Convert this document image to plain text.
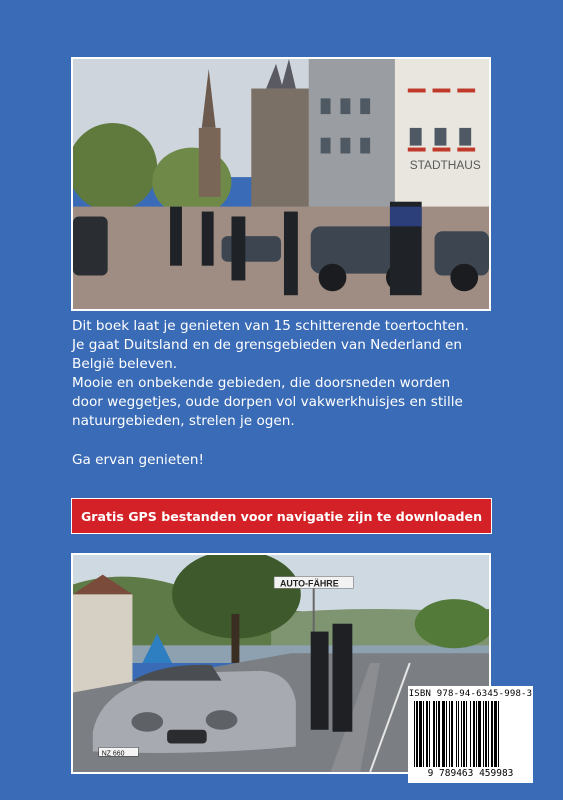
STADTHAUS

Dit boek laat je genieten van 15 schitterende toertochten.

Je gaat Duitsland en de grensgebieden van Nederland en

België beleven.

Mooie en onbekende gebieden, die doorsneden worden

door weggetjes, oude dorpen vol vakwerkhuisjes en stille

natuurgebieden, strelen je ogen.

Ga ervan genieten!

Gratis GPS bestanden voor navigatie zijn te downloaden
AUTO-FÄHRE
NZ 660
ISBN 978-94-6345-998-3
9 789463 459983
